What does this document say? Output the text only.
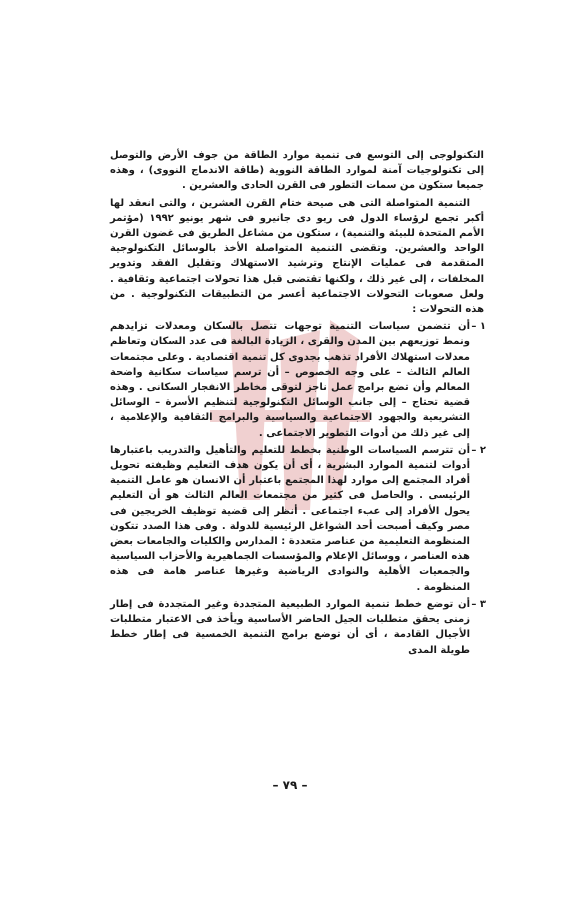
التكنولوجى إلى التوسع فى تنمية موارد الطاقة من جوف الأرض والتوصل إلى تكنولوجيات آمنة لموارد الطاقة النووية (طاقة الاندماج النووى) ، وهذه جميعا ستكون من سمات التطور فى القرن الحادى والعشرين .

التنمية المتواصلة التى هى صيحة ختام القرن العشرين ، والتى انعقد لها أكبر تجمع لرؤساء الدول فى ريو دى جانيرو فى شهر يونيو ١٩٩٢ (مؤتمر الأمم المتحدة للبيئة والتنمية) ، ستكون من مشاعل الطريق فى غضون القرن الواحد والعشرين. وتقضى التنمية المتواصلة الأخذ بالوسائل التكنولوجية المتقدمة فى عمليات الإنتاج وترشيد الاستهلاك وتقليل الفقد وتدوير المخلفات ، إلى غير ذلك ، ولكنها تقتضى قبل هذا تحولات اجتماعية وثقافية . ولعل صعوبات التحولات الاجتماعية أعسر من التطبيقات التكنولوجية . من هذه التحولات :

١ –
أن تتضمن سياسات التنمية توجهات تتصل بالسكان ومعدلات تزايدهم ونمط توزيعهم بين المدن والقرى ، الزيادة البالغة فى عدد السكان وتعاظم معدلات استهلاك الأفراد تذهب بجدوى كل تنمية اقتصادية . وعلى مجتمعات العالم الثالث – على وجه الخصوص – أن ترسم سياسات سكانية واضحة المعالم وأن تضع برامج عمل ناجز لتوقى مخاطر الانفجار السكانى . وهذه قضية تحتاج – إلى جانب الوسائل التكنولوجية لتنظيم الأسرة – الوسائل التشريعية والجهود الاجتماعية والسياسية والبرامج الثقافية والإعلامية ، إلى غير ذلك من أدوات التطوير الاجتماعى .

٢ –
أن تترسم السياسات الوطنية بخطط للتعليم والتأهيل والتدريب باعتبارها أدوات لتنمية الموارد البشرية ، أى أن يكون هدف التعليم وظيفته تحويل أفراد المجتمع إلى موارد لهذا المجتمع باعتبار أن الانسان هو عامل التنمية الرئيسى . والحاصل فى كثير من مجتمعات العالم الثالث هو أن التعليم يحول الأفراد إلى عبء اجتماعى . أنظر إلى قضية توظيف الخريجين فى مصر وكيف أصبحت أحد الشواغل الرئيسية للدولة . وفى هذا الصدد تتكون المنظومة التعليمية من عناصر متعددة : المدارس والكليات والجامعات بعض هذه العناصر ، ووسائل الإعلام والمؤسسات الجماهيرية والأحزاب السياسية والجمعيات الأهلية والنوادى الرياضية وغيرها عناصر هامة فى هذه المنظومة .

٣ –
أن توضع خطط تنمية الموارد الطبيعية المتجددة وغير المتجددة فى إطار زمنى يحقق متطلبات الجيل الحاضر الأساسية ويأخذ فى الاعتبار متطلبات الأجيال القادمة ، أى أن توضع برامج التنمية الخمسية فى إطار خطط طويلة المدى

– ٧٩ –
